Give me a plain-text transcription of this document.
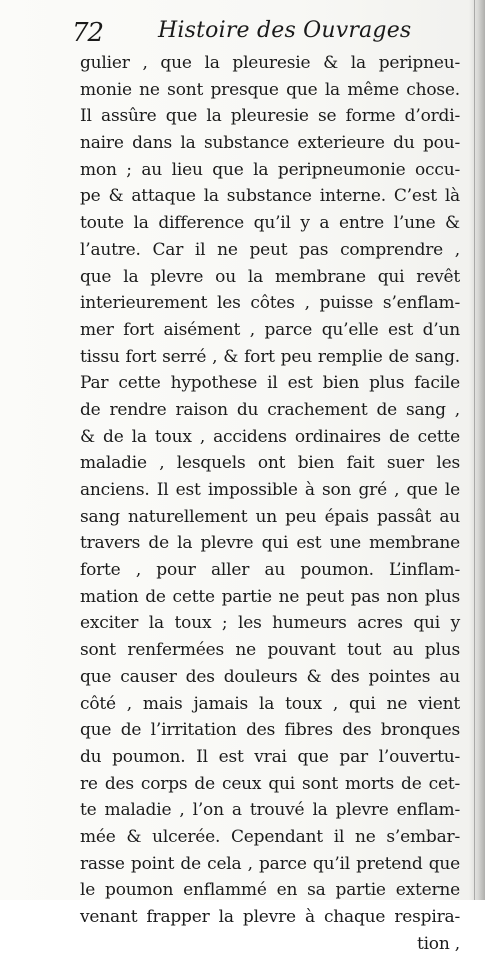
72 Histoire des Ouvrages
gulier , que la pleuresie & la peripneu-
monie ne sont presque que la même chose.
Il assûre que la pleuresie se forme d’ordi-
naire dans la substance exterieure du pou-
mon ; au lieu que la peripneumonie occu-
pe & attaque la substance interne. C’est là
toute la difference qu’il y a entre l’une &
l’autre. Car il ne peut pas comprendre ,
que la plevre ou la membrane qui revêt
interieurement les côtes , puisse s’enflam-
mer fort aisément , parce qu’elle est d’un
tissu fort serré , & fort peu remplie de sang.
Par cette hypothese il est bien plus facile
de rendre raison du crachement de sang ,
& de la toux , accidens ordinaires de cette
maladie , lesquels ont bien fait suer les
anciens. Il est impossible à son gré , que le
sang naturellement un peu épais passât au
travers de la plevre qui est une membrane
forte , pour aller au poumon. L’inflam-
mation de cette partie ne peut pas non plus
exciter la toux ; les humeurs acres qui y
sont renfermées ne pouvant tout au plus
que causer des douleurs & des pointes au
côté , mais jamais la toux , qui ne vient
que de l’irritation des fibres des bronques
du poumon. Il est vrai que par l’ouvertu-
re des corps de ceux qui sont morts de cet-
te maladie , l’on a trouvé la plevre enflam-
mée & ulcerée. Cependant il ne s’embar-
rasse point de cela , parce qu’il pretend que
le poumon enflammé en sa partie externe
venant frapper la plevre à chaque respira-
tion ,
